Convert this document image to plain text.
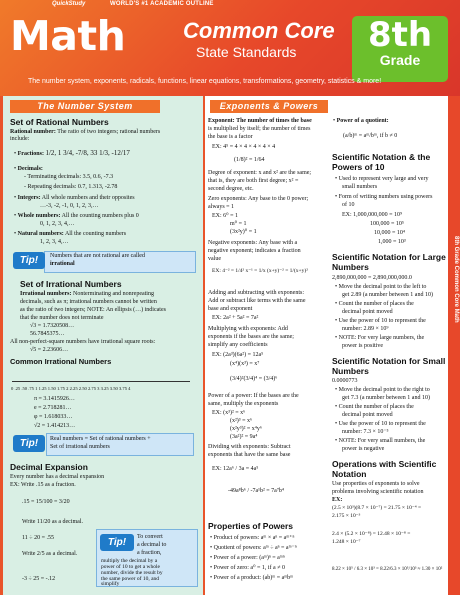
QuickStudy	WORLD'S #1 ACADEMIC OUTLINE
Math	Common Core
State Standards	8th
Grade
The number system, exponents, radicals, functions, linear equations, transformations, geometry, statistics & more!
8th Grade Common Core Math
The Number System
Set of Rational Numbers
Rational number: The ratio of two integers; rational numbers
include:
• Fractions: 1/2, 1 3/4, -7/8, 33 1/3, -12/17
• Decimals:
- Terminating decimals: 3.5, 0.6, -7.3
- Repeating decimals: 0.7, 1.313, -2.78
• Integers: All whole numbers and their opposites
…-3, -2, -1, 0, 1, 2, 3,…
• Whole numbers: All the counting numbers plus 0
0, 1, 2, 3, 4,…
• Natural numbers: All the counting numbers
1, 2, 3, 4,…
Tip!	Numbers that are not rational are called
irrational
Set of Irrational Numbers
Irrational numbers: Nonterminating and nonrepeating
decimals, such as π; irrational numbers cannot be written
as the ratio of two integers; NOTE: An ellipsis (…) indicates
that the number does not terminate
√3 = 1.7320508…
56.7845375…
All non-perfect-square numbers have irrational square roots:
√5 = 2.23606…
Common Irrational Numbers
0 .25 .50 .75 1 1.25 1.50 1.75 2 2.25 2.50 2.75 3 3.25 3.50 3.75 4
π = 3.1415926…
e = 2.718281…
φ = 1.618033…
√2 = 1.414213…
Tip!	Real numbers = Set of rational numbers +
Set of irrational numbers
Decimal Expansion
Every number has a decimal expansion
EX: Write .15 as a fraction.
.15 = 15/100 = 3/20
Write 11/20 as a decimal.
11 ÷ 20 = .55
Write 2/5 as a decimal.
-3 ÷ 25 = -.12
Tip!	To convert
a decimal to
a fraction,
multiply the decimal by a
power of 10 to get a whole
number, divide the result by
the same power of 10, and
simplify
Exponents & Powers
Exponent: The number of times the base
is multiplied by itself; the number of times
the base is a factor
EX: 4⁵ = 4 × 4 × 4 × 4 × 4
(1/8)² = 1/64
Degree of exponent: x and x² are the same;
that is, they are both first degree; x² =
second degree, etc.
Zero exponents: Any base to the 0 power;
always = 1
EX: 6⁰ = 1
m⁰ = 1
(3x²y)⁰ = 1
Negative exponents: Any base with a
negative exponent; indicates a fraction
value
EX: 4⁻² = 1/4² x⁻¹ = 1/x (x+y)⁻² = 1/(x+y)²
Adding and subtracting with exponents:
Add or subtract like terms with the same
base and exponent
EX: 2a² + 5a² = 7a²
Multiplying with exponents: Add
exponents if the bases are the same;
simplify any coefficients
EX: (2a³)(6a²) = 12a⁵
(x⁴)(x³) = x⁷
(3/4)²(3/4)⁴ = (3/4)⁶
Power of a power: If the bases are the
same, multiply the exponents
EX: (x³)² = x⁶
(x²)³ = x⁶
(x²y³)² = x⁴y⁶
(3a²)² = 9a⁴
Dividing with exponents: Subtract
exponents that have the same base
EX: 12a⁶ / 3a = 4a⁵
-49a⁸b⁶ / -7a¹b² = 7a⁷b⁴
Properties of Powers
• Product of powers: aᵐ × aⁿ = aᵐ⁺ⁿ
• Quotient of powers: aᵐ ÷ aⁿ = aᵐ⁻ⁿ
• Power of a power: (aᵐ)ⁿ = aᵐⁿ
• Power of zero: a⁰ = 1, if a ≠ 0
• Power of a product: (ab)ᵐ = aᵐbᵐ
• Power of a quotient:
(a/b)ᵐ = aᵐ/bᵐ, if b ≠ 0
Scientific Notation & the
Powers of 10
• Used to represent very large and very
small numbers
• Form of writing numbers using powers
of 10
EX: 1,000,000,000 = 10⁹
100,000 = 10⁵
10,000 = 10⁴
1,000 = 10³
Scientific Notation for Large
Numbers
2,890,000,000 = 2,890,000,000.0
• Move the decimal point to the left to
get 2.89 (a number between 1 and 10)
• Count the number of places the
decimal point moved
• Use the power of 10 to represent the
number: 2.89 × 10⁹
• NOTE: For very large numbers, the
power is positive
Scientific Notation for Small
Numbers
0.0000773
• Move the decimal point to the right to
get 7.3 (a number between 1 and 10)
• Count the number of places the
decimal point moved
• Use the power of 10 to represent the
number: 7.3 × 10⁻⁵
• NOTE: For very small numbers, the
power is negative
Operations with Scientific
Notation
Use properties of exponents to solve
problems involving scientific notation
EX:
(2.5 × 10³)(8.7 × 10⁻⁷) = 21.75 × 10⁻⁴ =
2.175 × 10⁻³
2.4 × (5.2 × 10⁻⁸) = 12.48 × 10⁻⁸ =
1.248 × 10⁻⁷
8.22 × 10⁵ / 6.3 × 10³ = 8.22/6.3 × 10⁵/10³ ≈ 1.30 × 10²
